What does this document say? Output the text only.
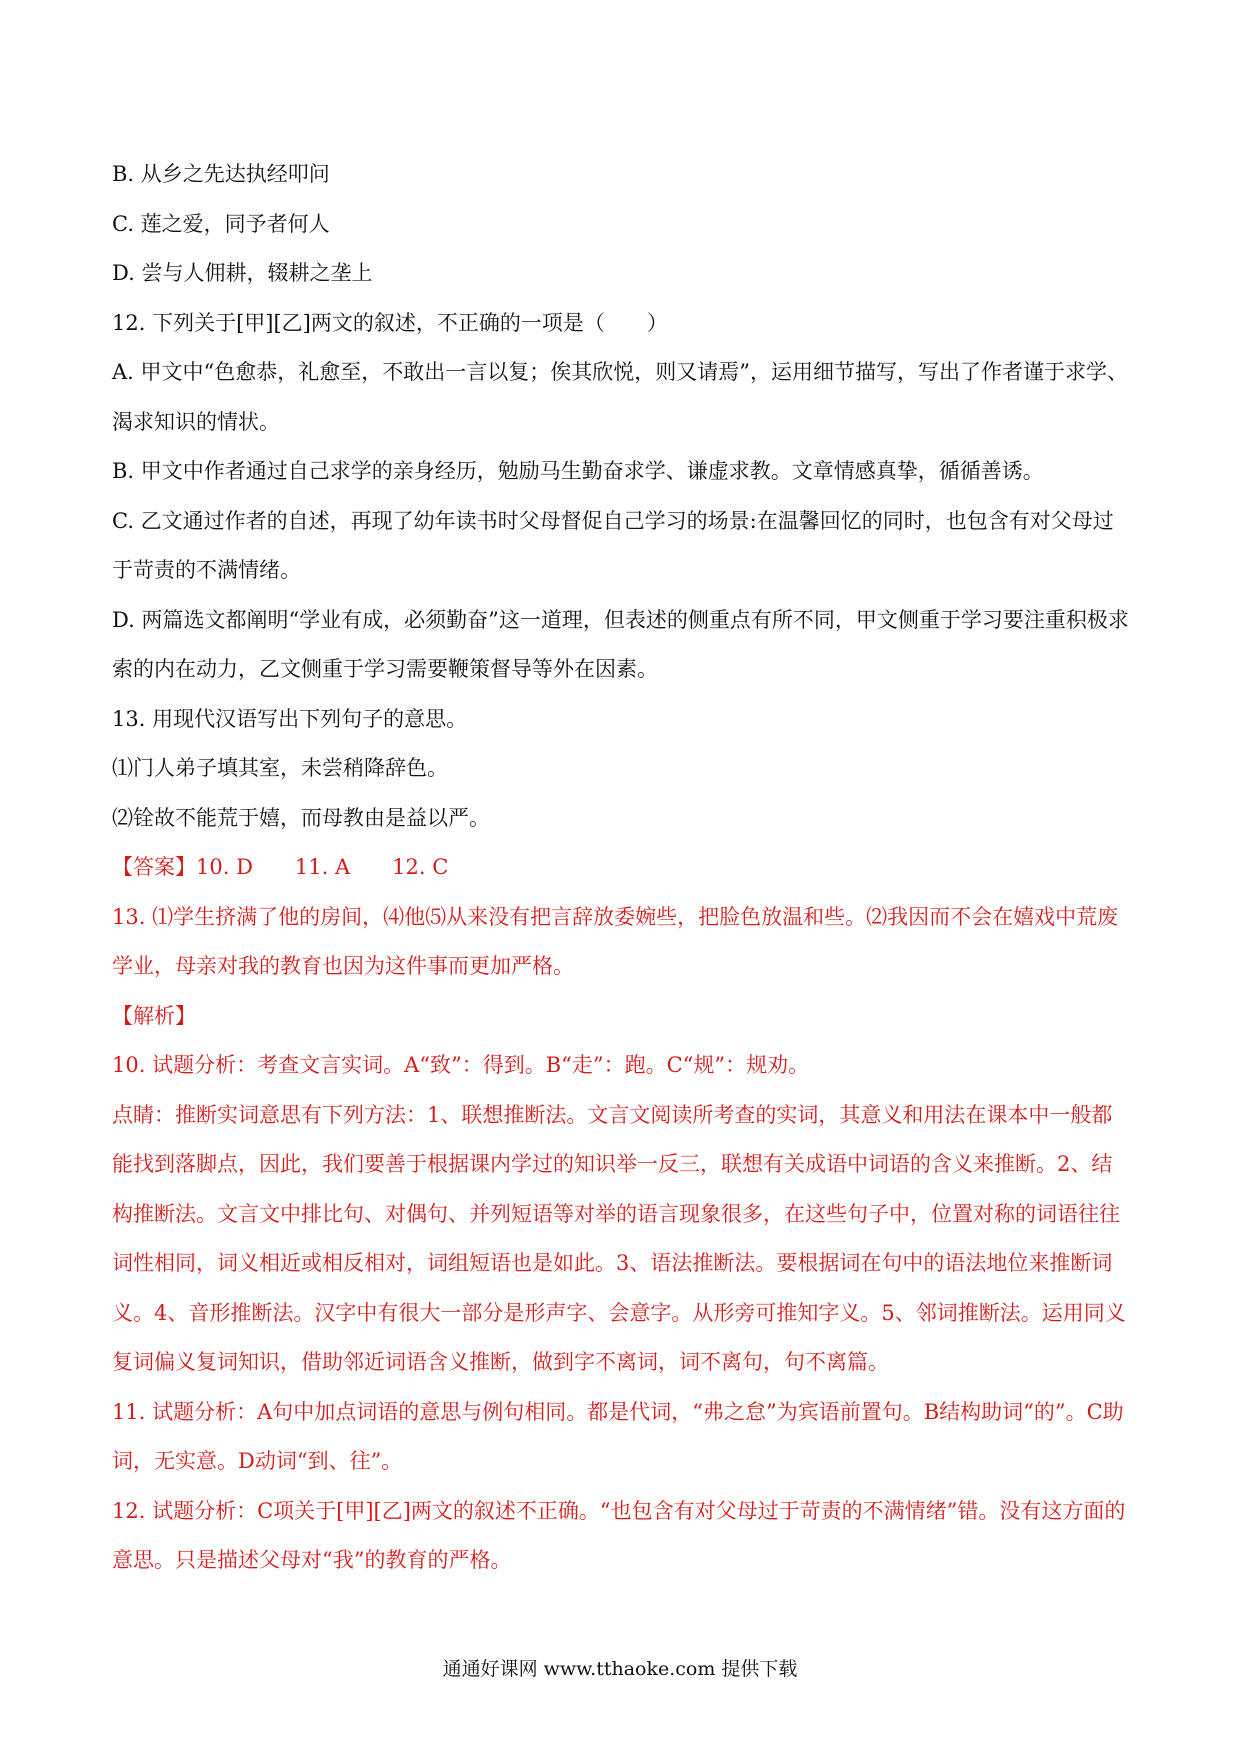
B. 从乡之先达执经叩问

C. 莲之爱，同予者何人

D. 尝与人佣耕，辍耕之垄上

12. 下列关于[甲][乙]两文的叙述，不正确的一项是（　　）

A. 甲文中“色愈恭，礼愈至，不敢出一言以复；俟其欣悦，则又请焉”，运用细节描写，写出了作者谨于求学、渴求知识的情状。

B. 甲文中作者通过自己求学的亲身经历，勉励马生勤奋求学、谦虚求教。文章情感真挚，循循善诱。

C. 乙文通过作者的自述，再现了幼年读书时父母督促自己学习的场景:在温馨回忆的同时，也包含有对父母过于苛责的不满情绪。

D. 两篇选文都阐明“学业有成，必须勤奋”这一道理，但表述的侧重点有所不同，甲文侧重于学习要注重积极求索的内在动力，乙文侧重于学习需要鞭策督导等外在因素。

13. 用现代汉语写出下列句子的意思。

⑴门人弟子填其室，未尝稍降辞色。

⑵铨故不能荒于嬉，而母教由是益以严。

【答案】10. D　　11. A　　12. C

13. ⑴学生挤满了他的房间，⑷他⑸从来没有把言辞放委婉些，把脸色放温和些。⑵我因而不会在嬉戏中荒废学业，母亲对我的教育也因为这件事而更加严格。

【解析】

10. 试题分析：考查文言实词。A“致”：得到。B“走”：跑。C“规”：规劝。

点睛：推断实词意思有下列方法：1、联想推断法。文言文阅读所考查的实词，其意义和用法在课本中一般都能找到落脚点，因此，我们要善于根据课内学过的知识举一反三，联想有关成语中词语的含义来推断。2、结构推断法。文言文中排比句、对偶句、并列短语等对举的语言现象很多，在这些句子中，位置对称的词语往往词性相同，词义相近或相反相对，词组短语也是如此。3、语法推断法。要根据词在句中的语法地位来推断词义。4、音形推断法。汉字中有很大一部分是形声字、会意字。从形旁可推知字义。5、邻词推断法。运用同义复词偏义复词知识，借助邻近词语含义推断，做到字不离词，词不离句，句不离篇。

11. 试题分析：A句中加点词语的意思与例句相同。都是代词，“弗之怠”为宾语前置句。B结构助词“的”。C助词，无实意。D动词“到、往”。

12. 试题分析：C项关于[甲][乙]两文的叙述不正确。“也包含有对父母过于苛责的不满情绪”错。没有这方面的意思。只是描述父母对“我”的教育的严格。

通通好课网 www.tthaoke.com 提供下载
